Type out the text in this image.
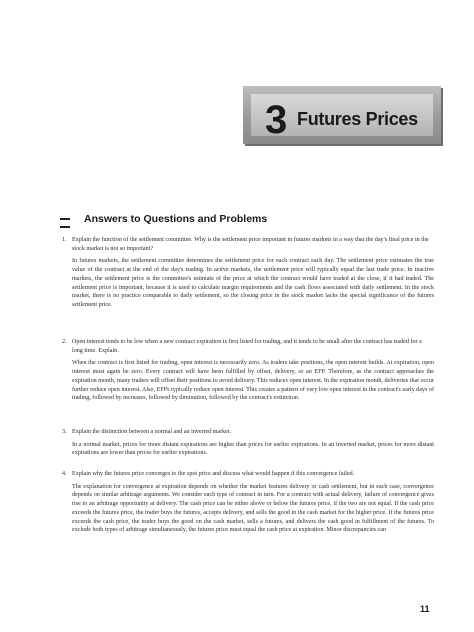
3 Futures Prices
Answers to Questions and Problems

1. Explain the function of the settlement committee. Why is the settlement price important in futures markets in a way that the day's final price in the stock market is not so important?

In futures markets, the settlement committee determines the settlement price for each contract each day. The settlement price estimates the true value of the contract at the end of the day's trading. In active markets, the settlement price will typically equal the last trade price. In inactive markets, the settlement price is the committee's estimate of the price at which the contract would have traded at the close, if it had traded. The settlement price is important, because it is used to calculate margin requirements and the cash flows associated with daily settlement. In the stock market, there is no practice comparable to daily settlement, so the closing price in the stock market lacks the special significance of the futures settlement price.

2. Open interest tends to be low when a new contract expiration is first listed for trading, and it tends to be small after the contract has traded for a long time. Explain.

When the contract is first listed for trading, open interest is necessarily zero. As traders take positions, the open interest builds. At expiration, open interest must again be zero. Every contract will have been fulfilled by offset, delivery, or an EFP. Therefore, as the contract approaches the expiration month, many traders will offset their positions to avoid delivery. This reduces open interest. In the expiration month, deliveries that occur further reduce open interest. Also, EFPs typically reduce open interest. This creates a pattern of very low open interest in the contract's early days of trading, followed by increases, followed by diminution, followed by the contract's extinction.

3. Explain the distinction between a normal and an inverted market.

In a normal market, prices for more distant expirations are higher than prices for earlier expirations. In an inverted market, prices for more distant expirations are lower than prices for earlier expirations.

4. Explain why the futures price converges to the spot price and discuss what would happen if this convergence failed.

The explanation for convergence at expiration depends on whether the market features delivery or cash settlement, but in each case, convergence depends on similar arbitrage arguments. We consider each type of contract in turn. For a contract with actual delivery, failure of convergence gives rise to an arbitrage opportunity at delivery. The cash price can be either above or below the futures price, if the two are not equal. If the cash price exceeds the futures price, the trader buys the futures, accepts delivery, and sells the good in the cash market for the higher price. If the futures price exceeds the cash price, the trader buys the good on the cash market, sells a futures, and delivers the cash good in fulfillment of the futures. To exclude both types of arbitrage simultaneously, the futures price must equal the cash price at expiration. Minor discrepancies can

11
